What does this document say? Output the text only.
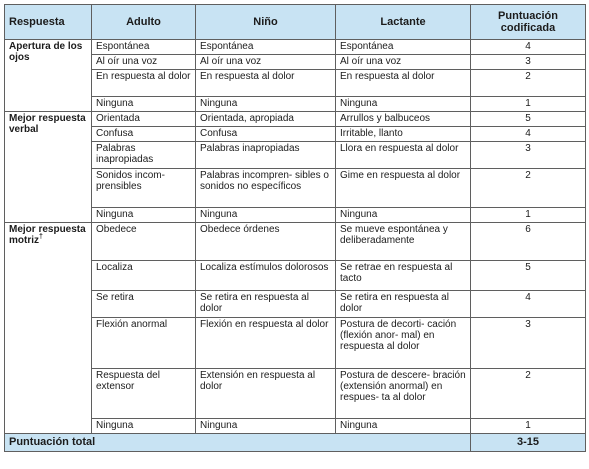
Respuesta	Adulto	Niño	Lactante	Puntuación codificada
Apertura de los ojos	Espontánea	Espontánea	Espontánea	4
	Al oír una voz	Al oír una voz	Al oír una voz	3
	En respuesta al dolor	En respuesta al dolor	En respuesta al dolor	2
	Ninguna	Ninguna	Ninguna	1
Mejor respuesta verbal	Orientada	Orientada, apropiada	Arrullos y balbuceos	5
	Confusa	Confusa	Irritable, llanto	4
	Palabras inapropiadas	Palabras inapropiadas	Llora en respuesta al dolor	3
	Sonidos incom- prensibles	Palabras incompren- sibles o sonidos no específicos	Gime en respuesta al dolor	2
	Ninguna	Ninguna	Ninguna	1
Mejor respuesta motriz†	Obedece	Obedece órdenes	Se mueve espontánea y deliberadamente	6
	Localiza	Localiza estímulos dolorosos	Se retrae en respuesta al tacto	5
	Se retira	Se retira en respuesta al dolor	Se retira en respuesta al dolor	4
	Flexión anormal	Flexión en respuesta al dolor	Postura de decorti- cación (flexión anor- mal) en respuesta al dolor	3
	Respuesta del extensor	Extensión en respuesta al dolor	Postura de descere- bración (extensión anormal) en respues- ta al dolor	2
	Ninguna	Ninguna	Ninguna	1
Puntuación total				3-15
